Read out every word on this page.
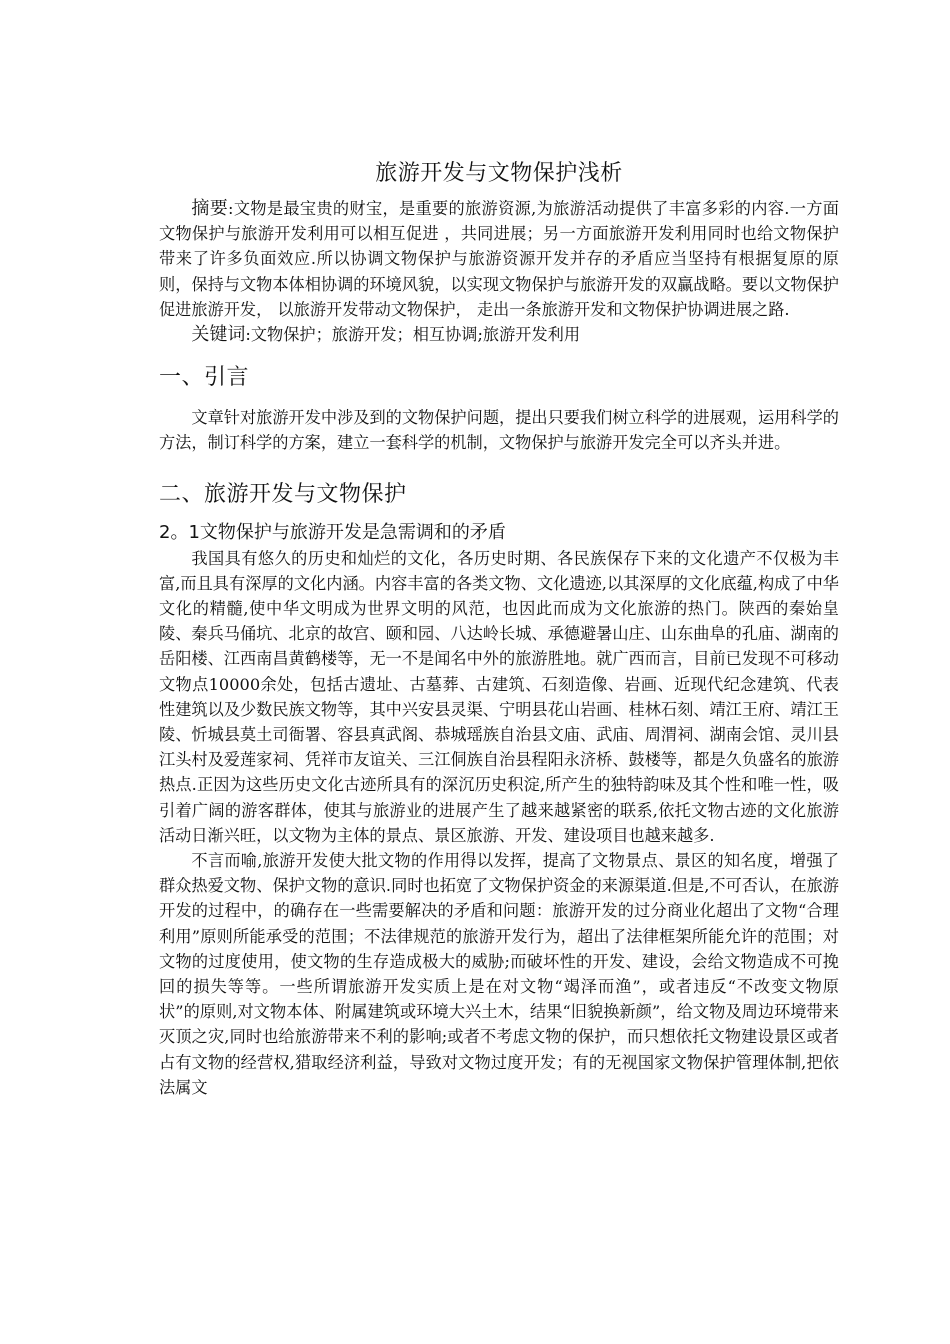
旅游开发与文物保护浅析

摘要:文物是最宝贵的财宝，是重要的旅游资源,为旅游活动提供了丰富多彩的内容.一方面文物保护与旅游开发利用可以相互促进 ，共同进展；另一方面旅游开发利用同时也给文物保护带来了许多负面效应.所以协调文物保护与旅游资源开发并存的矛盾应当坚持有根据复原的原则，保持与文物本体相协调的环境风貌，以实现文物保护与旅游开发的双赢战略。要以文物保护促进旅游开发， 以旅游开发带动文物保护， 走出一条旅游开发和文物保护协调进展之路.

关键词:文物保护；旅游开发；相互协调;旅游开发利用

一、引言

文章针对旅游开发中涉及到的文物保护问题，提出只要我们树立科学的进展观，运用科学的方法，制订科学的方案，建立一套科学的机制，文物保护与旅游开发完全可以齐头并进。

二、旅游开发与文物保护
2。1文物保护与旅游开发是急需调和的矛盾

我国具有悠久的历史和灿烂的文化，各历史时期、各民族保存下来的文化遗产不仅极为丰富,而且具有深厚的文化内涵。内容丰富的各类文物、文化遗迹,以其深厚的文化底蕴,构成了中华文化的精髓,使中华文明成为世界文明的风范，也因此而成为文化旅游的热门。陕西的秦始皇陵、秦兵马俑坑、北京的故宫、颐和园、八达岭长城、承德避暑山庄、山东曲阜的孔庙、湖南的岳阳楼、江西南昌黄鹤楼等，无一不是闻名中外的旅游胜地。就广西而言，目前已发现不可移动文物点10000余处，包括古遗址、古墓葬、古建筑、石刻造像、岩画、近现代纪念建筑、代表性建筑以及少数民族文物等，其中兴安县灵渠、宁明县花山岩画、桂林石刻、靖江王府、靖江王陵、忻城县莫土司衙署、容县真武阁、恭城瑶族自治县文庙、武庙、周渭祠、湖南会馆、灵川县江头村及爱莲家祠、凭祥市友谊关、三江侗族自治县程阳永济桥、鼓楼等，都是久负盛名的旅游热点.正因为这些历史文化古迹所具有的深沉历史积淀,所产生的独特韵味及其个性和唯一性，吸引着广阔的游客群体，使其与旅游业的进展产生了越来越紧密的联系,依托文物古迹的文化旅游活动日渐兴旺，以文物为主体的景点、景区旅游、开发、建设项目也越来越多.

不言而喻,旅游开发使大批文物的作用得以发挥，提高了文物景点、景区的知名度，增强了群众热爱文物、保护文物的意识.同时也拓宽了文物保护资金的来源渠道.但是,不可否认，在旅游开发的过程中，的确存在一些需要解决的矛盾和问题：旅游开发的过分商业化超出了文物“合理利用”原则所能承受的范围；不法律规范的旅游开发行为，超出了法律框架所能允许的范围；对文物的过度使用，使文物的生存造成极大的威胁;而破坏性的开发、建设，会给文物造成不可挽回的损失等等。一些所谓旅游开发实质上是在对文物“竭泽而渔”，或者违反“不改变文物原状”的原则,对文物本体、附属建筑或环境大兴土木，结果“旧貌换新颜”，给文物及周边环境带来灭顶之灾,同时也给旅游带来不利的影响;或者不考虑文物的保护，而只想依托文物建设景区或者占有文物的经营权,猎取经济利益，导致对文物过度开发；有的无视国家文物保护管理体制,把依法属文
